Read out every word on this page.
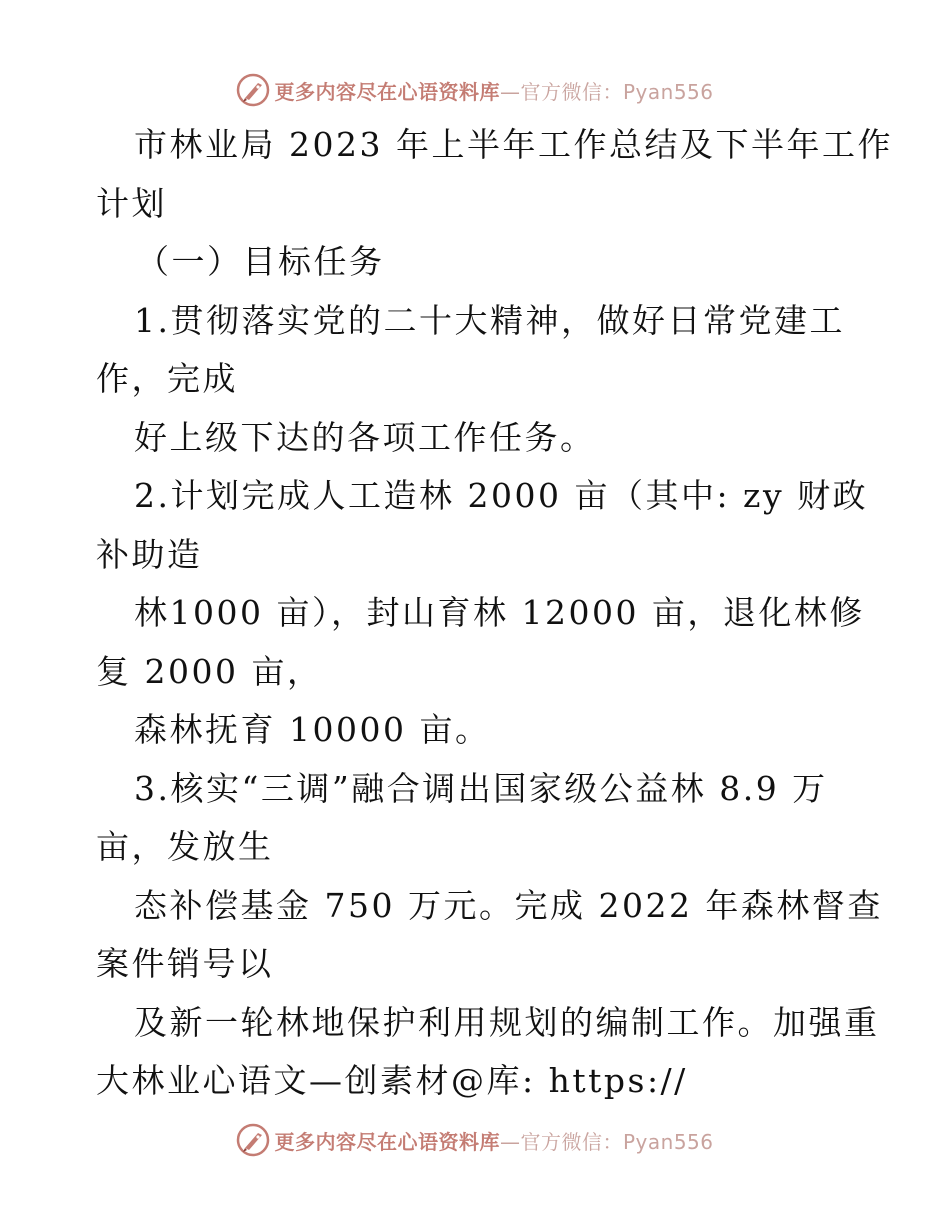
更多内容尽在心语资料库—官方微信：Pyan556
市林业局 2023 年上半年工作总结及下半年工作
计划
（一）目标任务
1.贯彻落实党的二十大精神，做好日常党建工
作，完成
好上级下达的各项工作任务。
2.计划完成人工造林 2000 亩（其中: zy 财政
补助造
林1000 亩），封山育林 12000 亩，退化林修
复 2000 亩，
森林抚育 10000 亩。
3.核实“三调”融合调出国家级公益林 8.9 万
亩，发放生
态补偿基金 750 万元。完成 2022 年森林督查
案件销号以
及新一轮林地保护利用规划的编制工作。加强重
大林业心语文—创素材@库: https://
更多内容尽在心语资料库—官方微信：Pyan556
